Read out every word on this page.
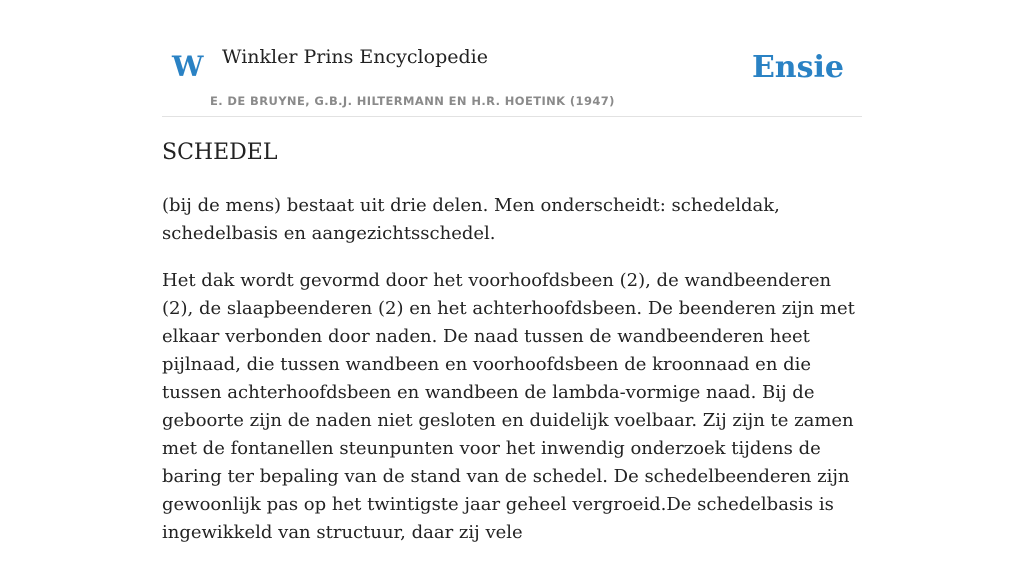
W Winkler Prins Encyclopedie
E. DE BRUYNE, G.B.J. HILTERMANN EN H.R. HOETINK (1947)
Ensie
SCHEDEL

(bij de mens) bestaat uit drie delen. Men onderscheidt: schedeldak, schedelbasis en aangezichtsschedel.

Het dak wordt gevormd door het voorhoofdsbeen (2), de wandbeenderen (2), de slaapbeenderen (2) en het achterhoofdsbeen. De beenderen zijn met elkaar verbonden door naden. De naad tussen de wandbeenderen heet pijlnaad, die tussen wandbeen en voorhoofdsbeen de kroonnaad en die tussen achterhoofdsbeen en wandbeen de lambda-vormige naad. Bij de geboorte zijn de naden niet gesloten en duidelijk voelbaar. Zij zijn te zamen met de fontanellen steunpunten voor het inwendig onderzoek tijdens de baring ter bepaling van de stand van de schedel. De schedelbeenderen zijn gewoonlijk pas op het twintigste jaar geheel vergroeid.De schedelbasis is ingewikkeld van structuur, daar zij vele
